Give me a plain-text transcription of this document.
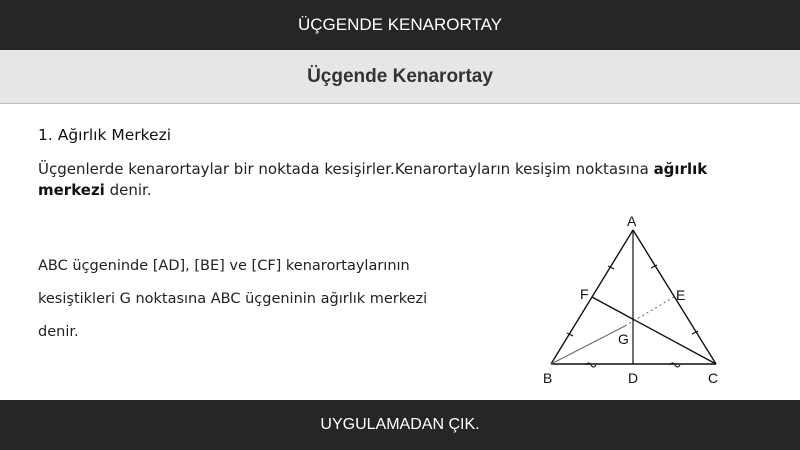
ÜÇGENDE KENARORTAY
Üçgende Kenarortay
1. Ağırlık Merkezi
Üçgenlerde kenarortaylar bir noktada kesişirler.Kenarortayların kesişim noktasına ağırlık merkezi denir.
ABC üçgeninde [AD], [BE] ve [CF] kenarortaylarının
kesiştikleri G noktasına ABC üçgeninin ağırlık merkezi
denir.
A
B	C
D
E
F
G
UYGULAMADAN ÇIK.
